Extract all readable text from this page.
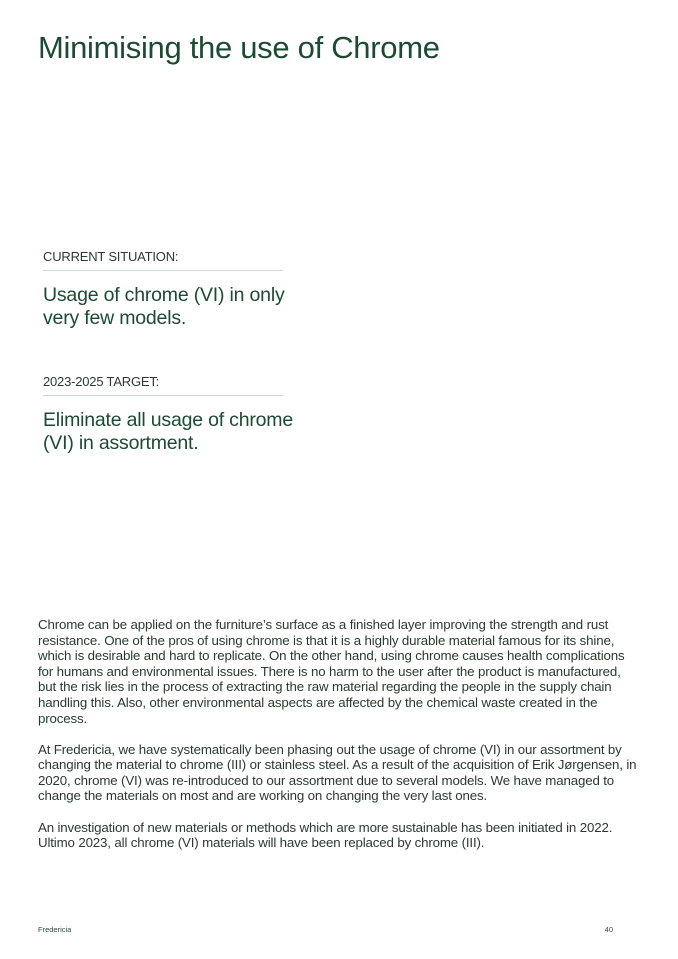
Minimising the use of Chrome
CURRENT SITUATION:
Usage of chrome (VI) in only very few models.
2023-2025 TARGET:
Eliminate all usage of chrome (VI) in assortment.

Chrome can be applied on the furniture’s surface as a finished layer improving the strength and rust resistance. One of the pros of using chrome is that it is a highly durable material famous for its shine, which is desirable and hard to replicate. On the other hand, using chrome causes health complications for humans and environmental issues. There is no harm to the user after the product is manufactured, but the risk lies in the process of extracting the raw material regarding the people in the supply chain handling this. Also, other environmental aspects are affected by the chemical waste created in the process.

At Fredericia, we have systematically been phasing out the usage of chrome (VI) in our assortment by changing the material to chrome (III) or stainless steel. As a result of the acquisition of Erik Jørgensen, in 2020, chrome (VI) was re-introduced to our assortment due to several models. We have managed to change the materials on most and are working on changing the very last ones.

An investigation of new materials or methods which are more sustainable has been initiated in 2022. Ultimo 2023, all chrome (VI) materials will have been replaced by chrome (III).

Fredericia	40
